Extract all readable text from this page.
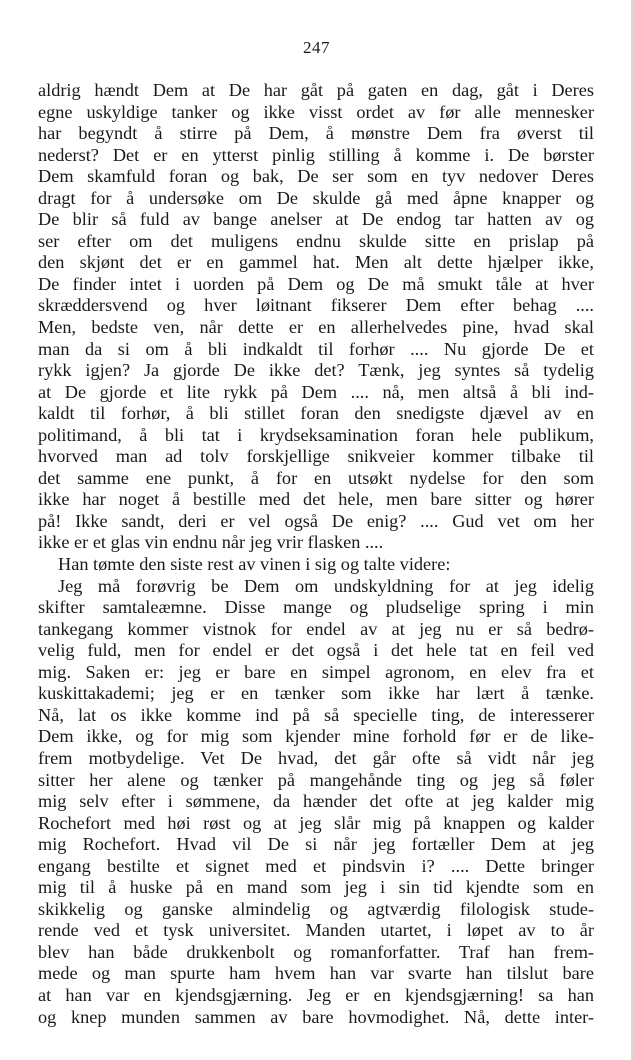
247
aldrig hændt Dem at De har gåt på gaten en dag, gåt i Deres
egne uskyldige tanker og ikke visst ordet av før alle mennesker
har begyndt å stirre på Dem, å mønstre Dem fra øverst til
nederst? Det er en ytterst pinlig stilling å komme i. De børster
Dem skamfuld foran og bak, De ser som en tyv nedover Deres
dragt for å undersøke om De skulde gå med åpne knapper og
De blir så fuld av bange anelser at De endog tar hatten av og
ser efter om det muligens endnu skulde sitte en prislap på
den skjønt det er en gammel hat. Men alt dette hjælper ikke,
De finder intet i uorden på Dem og De må smukt tåle at hver
skræddersvend og hver løitnant fikserer Dem efter behag ....
Men, bedste ven, når dette er en allerhelvedes pine, hvad skal
man da si om å bli indkaldt til forhør .... Nu gjorde De et
rykk igjen? Ja gjorde De ikke det? Tænk, jeg syntes så tydelig
at De gjorde et lite rykk på Dem .... nå, men altså å bli ind-
kaldt til forhør, å bli stillet foran den snedigste djævel av en
politimand, å bli tat i krydseksamination foran hele publikum,
hvorved man ad tolv forskjellige snikveier kommer tilbake til
det samme ene punkt, å for en utsøkt nydelse for den som
ikke har noget å bestille med det hele, men bare sitter og hører
på! Ikke sandt, deri er vel også De enig? .... Gud vet om her
ikke er et glas vin endnu når jeg vrir flasken ....
Han tømte den siste rest av vinen i sig og talte videre:
Jeg må forøvrig be Dem om undskyldning for at jeg idelig
skifter samtaleæmne. Disse mange og pludselige spring i min
tankegang kommer vistnok for endel av at jeg nu er så bedrø-
velig fuld, men for endel er det også i det hele tat en feil ved
mig. Saken er: jeg er bare en simpel agronom, en elev fra et
kuskittakademi; jeg er en tænker som ikke har lært å tænke.
Nå, lat os ikke komme ind på så specielle ting, de interesserer
Dem ikke, og for mig som kjender mine forhold før er de like-
frem motbydelige. Vet De hvad, det går ofte så vidt når jeg
sitter her alene og tænker på mangehånde ting og jeg så føler
mig selv efter i sømmene, da hænder det ofte at jeg kalder mig
Rochefort med høi røst og at jeg slår mig på knappen og kalder
mig Rochefort. Hvad vil De si når jeg fortæller Dem at jeg
engang bestilte et signet med et pindsvin i? .... Dette bringer
mig til å huske på en mand som jeg i sin tid kjendte som en
skikkelig og ganske almindelig og agtværdig filologisk stude-
rende ved et tysk universitet. Manden utartet, i løpet av to år
blev han både drukkenbolt og romanforfatter. Traf han frem-
mede og man spurte ham hvem han var svarte han tilslut bare
at han var en kjendsgjærning. Jeg er en kjendsgjærning! sa han
og knep munden sammen av bare hovmodighet. Nå, dette inter-
